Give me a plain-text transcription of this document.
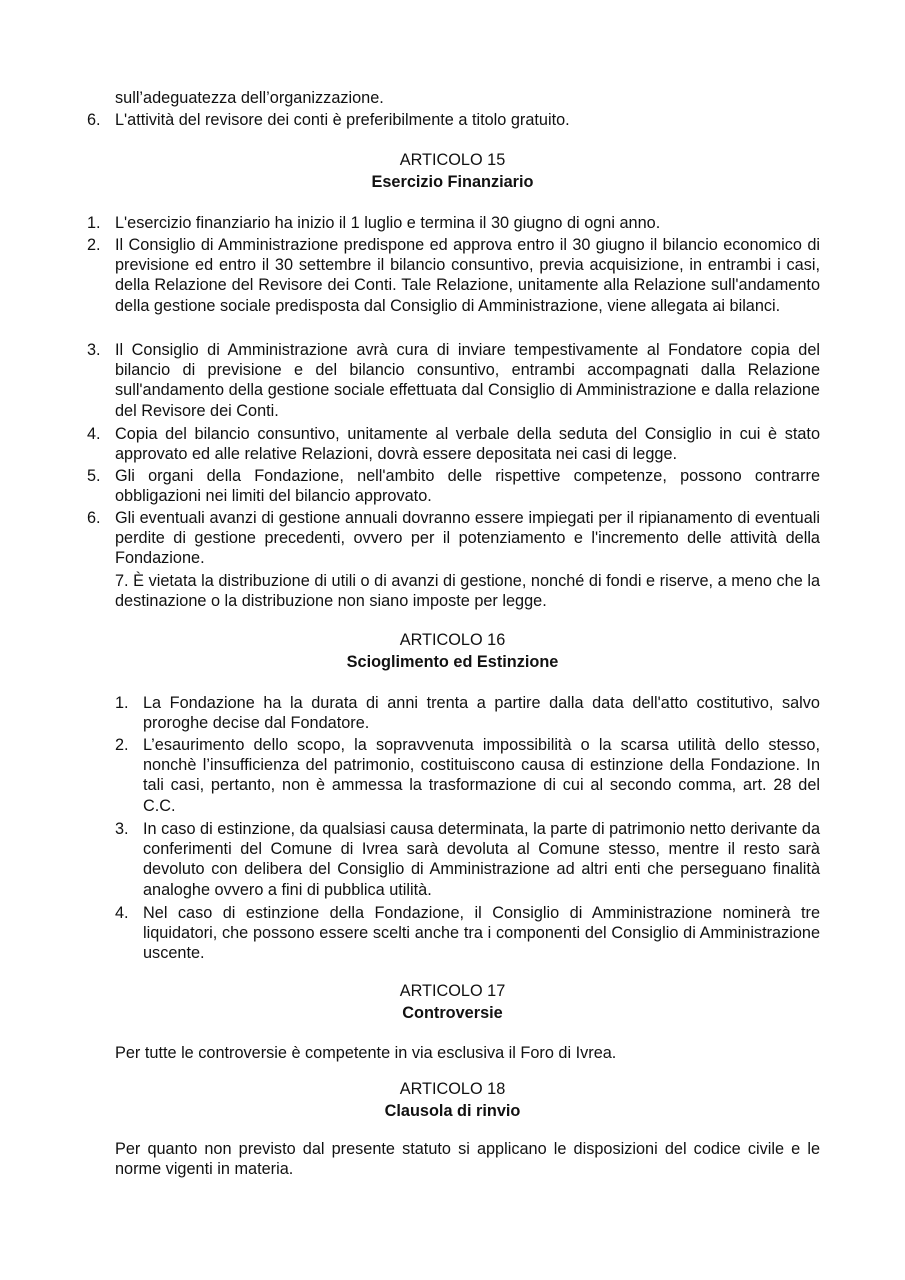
sull’adeguatezza dell’organizzazione.

6. L'attività del revisore dei conti è preferibilmente a titolo gratuito.

ARTICOLO 15

Esercizio Finanziario

1. L'esercizio finanziario ha inizio il 1 luglio e termina il 30 giugno di ogni anno.

2. Il Consiglio di Amministrazione predispone ed approva entro il 30 giugno il bilancio economico di previsione ed entro il 30 settembre il bilancio consuntivo, previa acquisizione, in entrambi i casi, della Relazione del Revisore dei Conti. Tale Relazione, unitamente alla Relazione sull'andamento della gestione sociale predisposta dal Consiglio di Amministrazione, viene allegata ai bilanci.

3. Il Consiglio di Amministrazione avrà cura di inviare tempestivamente al Fondatore copia del bilancio di previsione e del bilancio consuntivo, entrambi accompagnati dalla Relazione sull'andamento della gestione sociale effettuata dal Consiglio di Amministrazione e dalla relazione del Revisore dei Conti.

4. Copia del bilancio consuntivo, unitamente al verbale della seduta del Consiglio in cui è stato approvato ed alle relative Relazioni, dovrà essere depositata nei casi di legge.

5. Gli organi della Fondazione, nell'ambito delle rispettive competenze, possono contrarre obbligazioni nei limiti del bilancio approvato.

6. Gli eventuali avanzi di gestione annuali dovranno essere impiegati per il ripianamento di eventuali perdite di gestione precedenti, ovvero per il potenziamento e l'incremento delle attività della Fondazione.

7. È vietata la distribuzione di utili o di avanzi di gestione, nonché di fondi e riserve, a meno che la destinazione o la distribuzione non siano imposte per legge.

ARTICOLO 16

Scioglimento ed Estinzione

1. La Fondazione ha la durata di anni trenta a partire dalla data dell'atto costitutivo, salvo proroghe decise dal Fondatore.

2. L’esaurimento dello scopo, la sopravvenuta impossibilità o la scarsa utilità dello stesso, nonchè l’insufficienza del patrimonio, costituiscono causa di estinzione della Fondazione. In tali casi, pertanto, non è ammessa la trasformazione di cui al secondo comma, art. 28 del C.C.

3. In caso di estinzione, da qualsiasi causa determinata, la parte di patrimonio netto derivante da conferimenti del Comune di Ivrea sarà devoluta al Comune stesso, mentre il resto sarà devoluto con delibera del Consiglio di Amministrazione ad altri enti che perseguano finalità analoghe ovvero a fini di pubblica utilità.

4. Nel caso di estinzione della Fondazione, il Consiglio di Amministrazione nominerà tre liquidatori, che possono essere scelti anche tra i componenti del Consiglio di Amministrazione uscente.

ARTICOLO 17

Controversie

Per tutte le controversie è competente in via esclusiva il Foro di Ivrea.

ARTICOLO 18

Clausola di rinvio

Per quanto non previsto dal presente statuto si applicano le disposizioni del codice civile e le norme vigenti in materia.
